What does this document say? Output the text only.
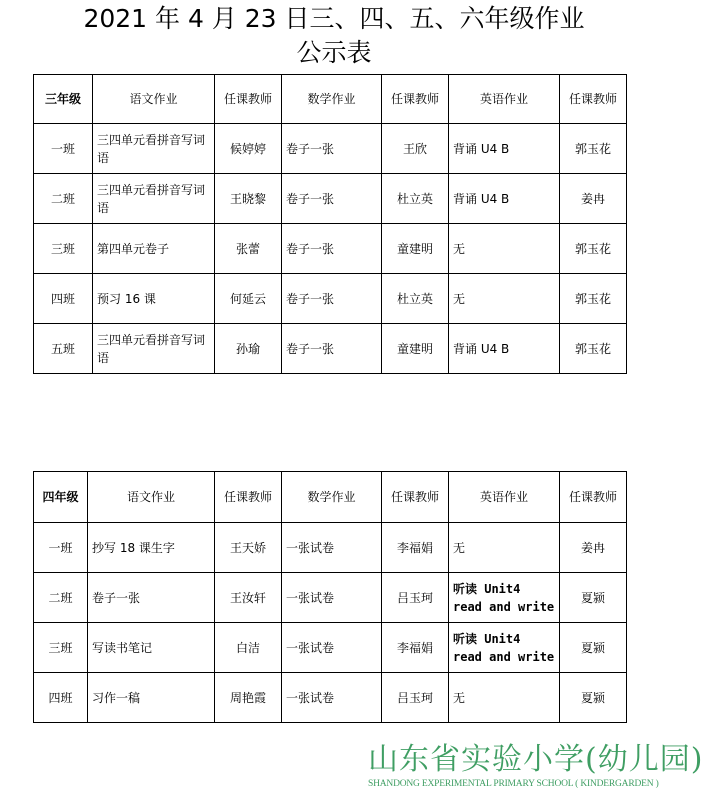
2021 年 4 月 23 日三、四、五、六年级作业
公示表
三年级	语文作业	任课教师	数学作业	任课教师	英语作业	任课教师
一班	三四单元看拼音写词语	候婷婷	卷子一张	王欣	背诵 U4 B	郭玉花
二班	三四单元看拼音写词语	王晓黎	卷子一张	杜立英	背诵 U4 B	姜冉
三班	第四单元卷子	张蕾	卷子一张	童建明	无	郭玉花
四班	预习 16 课	何延云	卷子一张	杜立英	无	郭玉花
五班	三四单元看拼音写词语	孙瑜	卷子一张	童建明	背诵 U4 B	郭玉花
四年级	语文作业	任课教师	数学作业	任课教师	英语作业	任课教师
一班	抄写 18 课生字	王天娇	一张试卷	李福娟	无	姜冉
二班	卷子一张	王汝轩	一张试卷	吕玉珂	听读 Unit4 read and write	夏颍
三班	写读书笔记	白洁	一张试卷	李福娟	听读 Unit4 read and write	夏颍
四班	习作一稿	周艳霞	一张试卷	吕玉珂	无	夏颍
山东省实验小学(幼儿园)
SHANDONG EXPERIMENTAL PRIMARY SCHOOL ( KINDERGARDEN )
